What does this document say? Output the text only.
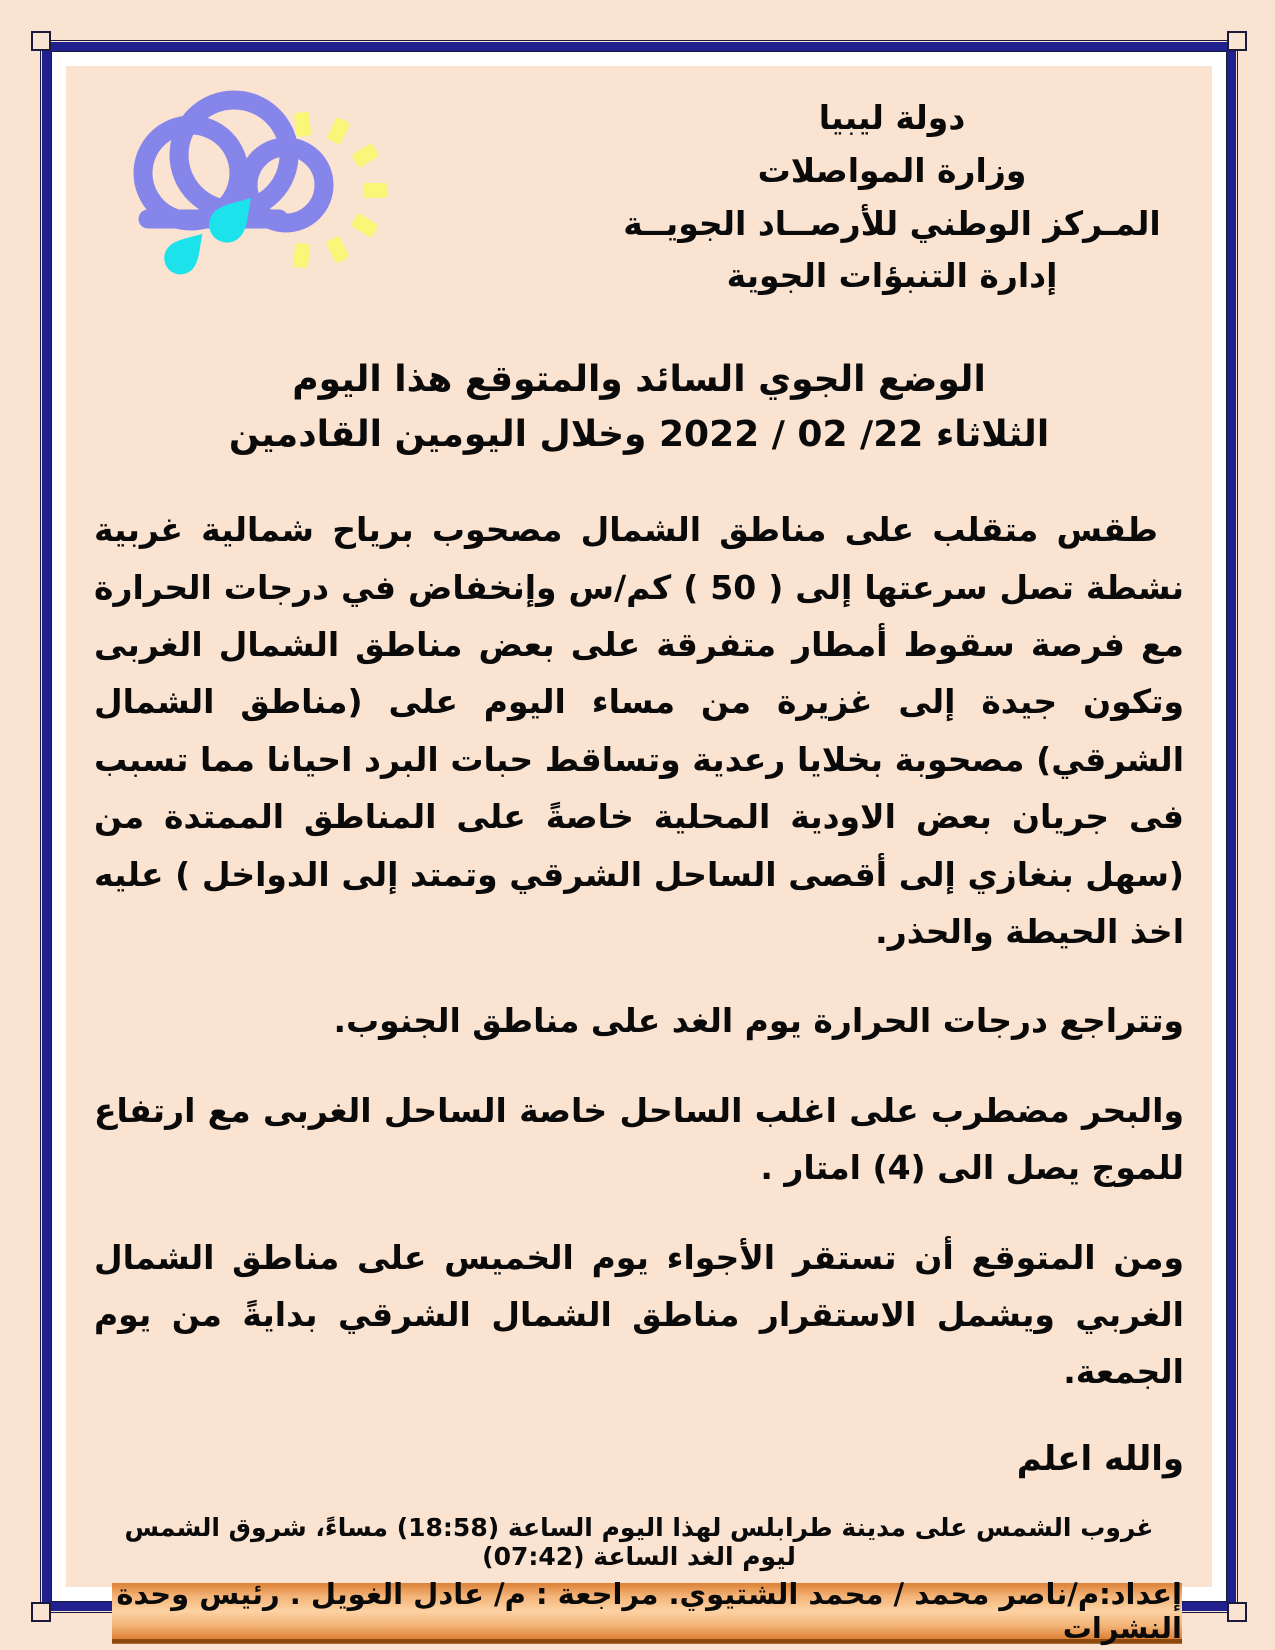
دولة ليبيا
وزارة المواصلات
المـركز الوطني للأرصــاد الجويــة
إدارة التنبؤات الجوية
الوضع الجوي السائد والمتوقع هذا اليوم
الثلاثاء 22/ 02 / 2022 وخلال اليومين القادمين

طقس متقلب على مناطق الشمال مصحوب برياح شمالية غربية نشطة تصل سرعتها إلى ( 50 ) كم/س وإنخفاض في درجات الحرارة مع فرصة سقوط أمطار متفرقة على بعض مناطق الشمال الغربى وتكون جيدة إلى غزيرة من مساء اليوم على (مناطق الشمال الشرقي) مصحوبة بخلايا رعدية وتساقط حبات البرد احيانا مما تسبب فى جريان بعض الاودية المحلية خاصةً على المناطق الممتدة من (سهل بنغازي إلى أقصى الساحل الشرقي وتمتد إلى الدواخل ) عليه اخذ الحيطة والحذر.

وتتراجع درجات الحرارة يوم الغد على مناطق الجنوب.

والبحر مضطرب على اغلب الساحل خاصة الساحل الغربى مع ارتفاع للموج يصل الى (4) امتار .

ومن المتوقع أن تستقر الأجواء يوم الخميس على مناطق الشمال الغربي ويشمل الاستقرار مناطق الشمال الشرقي بدايةً من يوم الجمعة.

والله اعلم
غروب الشمس على مدينة طرابلس لهذا اليوم الساعة (18:58) مساءً، شروق الشمس ليوم الغد الساعة (07:42)
إعداد:م/ناصر محمد / محمد الشتيوي. مراجعة : م/ عادل الغويل . رئيس وحدة النشرات
